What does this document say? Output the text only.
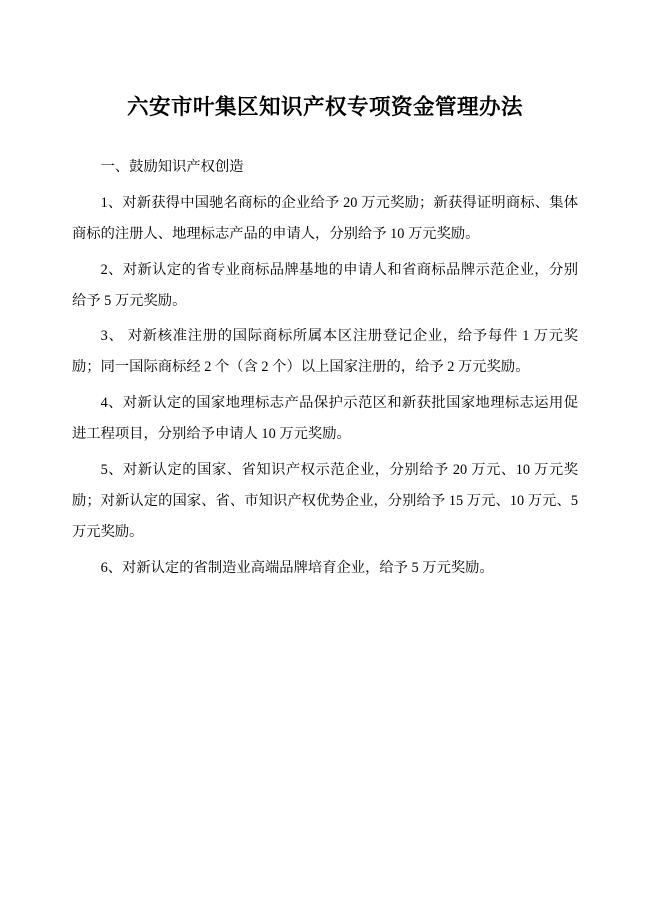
六安市叶集区知识产权专项资金管理办法

一、鼓励知识产权创造

1、对新获得中国驰名商标的企业给予 20 万元奖励；新获得证明商标、集体商标的注册人、地理标志产品的申请人，分别给予 10 万元奖励。

2、对新认定的省专业商标品牌基地的申请人和省商标品牌示范企业，分别给予 5 万元奖励。

3、 对新核准注册的国际商标所属本区注册登记企业，给予每件 1 万元奖励；同一国际商标经 2 个（含 2 个）以上国家注册的，给予 2 万元奖励。

4、对新认定的国家地理标志产品保护示范区和新获批国家地理标志运用促进工程项目，分别给予申请人 10 万元奖励。

5、对新认定的国家、省知识产权示范企业，分别给予 20 万元、10 万元奖励；对新认定的国家、省、市知识产权优势企业，分别给予 15 万元、10 万元、5 万元奖励。

6、对新认定的省制造业高端品牌培育企业，给予 5 万元奖励。
